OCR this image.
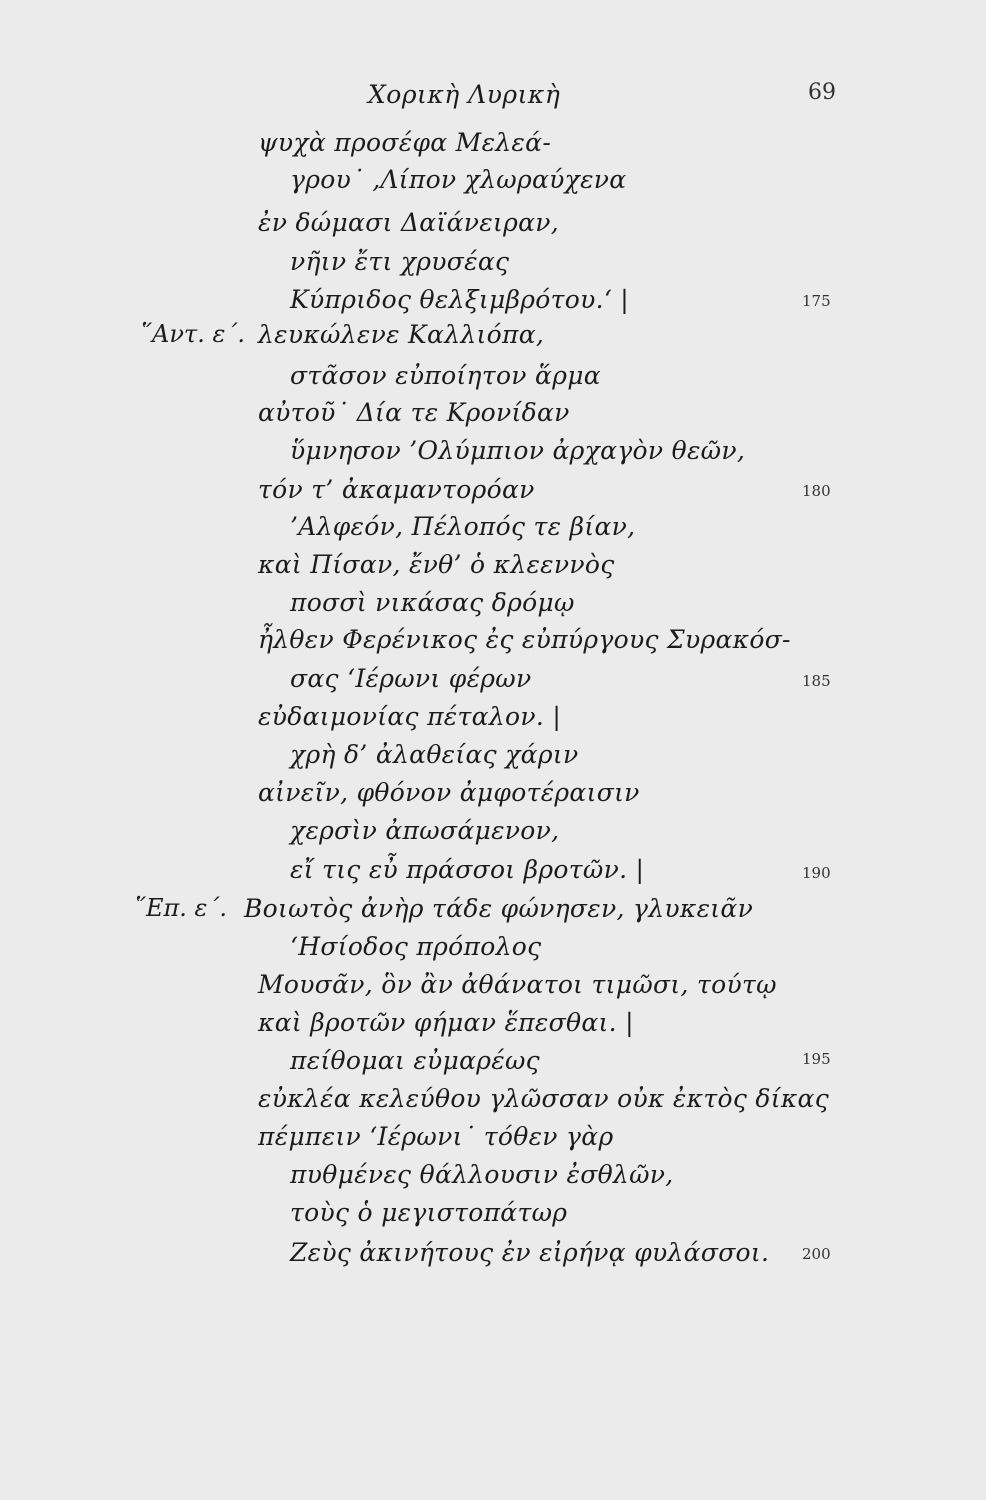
Χορικὴ Λυρικὴ	69
῞Αντ. ε΄.
῞Επ. ε΄.
ψυχὰ προσέφα Μελεά-
γρου˙ ‚Λίπον χλωραύχενα
ἐν δώμασι Δαϊάνειραν,
νῆιν ἔτι χρυσέας
Κύπριδος θελξιμβρότου.‘ |
λευκώλενε Καλλιόπα,
στᾶσον εὐποίητον ἅρμα
αὐτοῦ˙ Δία τε Κρονίδαν
ὕμνησον ’Ολύμπιον ἀρχαγὸν θεῶν,
τόν τ’ ἀκαμαντορόαν
’Αλφεόν, Πέλοπός τε βίαν,
καὶ Πίσαν, ἔνθ’ ὁ κλεεννὸς
ποσσὶ νικάσας δρόμῳ
ἦλθεν Φερένικος ἐς εὐπύργους Συρακόσ-
σας ‘Ιέρωνι φέρων
εὐδαιμονίας πέταλον. |
χρὴ δ’ ἀλαθείας χάριν
αἰνεῖν, φθόνον ἀμφοτέραισιν
χερσὶν ἀπωσάμενον,
εἴ τις εὖ πράσσοι βροτῶν. |
Βοιωτὸς ἀνὴρ τάδε φώνησεν, γλυκειᾶν
‘Ησίοδος πρόπολος
Μουσᾶν, ὃν ἂν ἀθάνατοι τιμῶσι, τούτῳ
καὶ βροτῶν φήμαν ἕπεσθαι. |
πείθομαι εὐμαρέως
εὐκλέα κελεύθου γλῶσσαν οὐκ ἐκτὸς δίκας
πέμπειν ‘Ιέρωνι˙ τόθεν γὰρ
πυθμένες θάλλουσιν ἐσθλῶν,
τοὺς ὁ μεγιστοπάτωρ
Ζεὺς ἀκινήτους ἐν εἰρήνᾳ φυλάσσοι.
175
180
185
190
195
200
